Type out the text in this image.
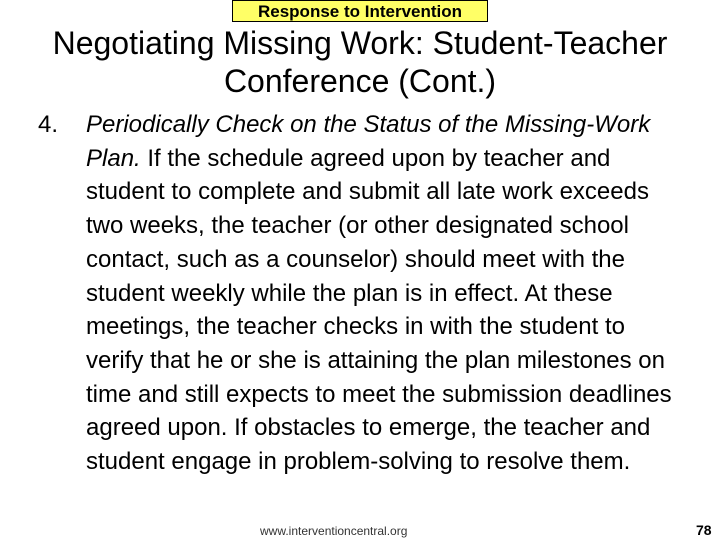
Response to Intervention
Negotiating Missing Work: Student-Teacher
Conference (Cont.)
4. Periodically Check on the Status of the Missing-Work Plan. If the schedule agreed upon by teacher and student to complete and submit all late work exceeds two weeks, the teacher (or other designated school contact, such as a counselor) should meet with the student weekly while the plan is in effect. At these meetings, the teacher checks in with the student to verify that he or she is attaining the plan milestones on time and still expects to meet the submission deadlines agreed upon. If obstacles to emerge, the teacher and student engage in problem-solving to resolve them.
www.interventioncentral.org	78
